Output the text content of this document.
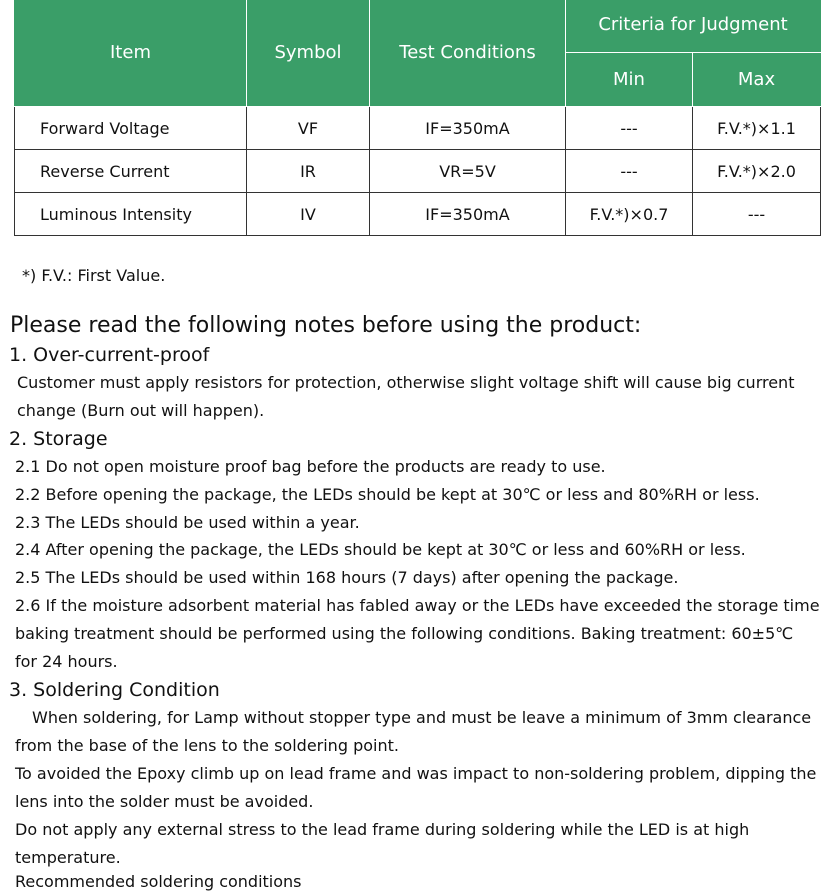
Item	Symbol	Test Conditions	Criteria for Judgment	
			Min	Max
Forward Voltage	VF	IF=350mA	---	F.V.*)×1.1
Reverse Current	IR	VR=5V	---	F.V.*)×2.0
Luminous Intensity	IV	IF=350mA	F.V.*)×0.7	---
*) F.V.: First Value.
Please read the following notes before using the product:
1. Over-current-proof
Customer must apply resistors for protection, otherwise slight voltage shift will cause big current
change (Burn out will happen).
2. Storage
2.1 Do not open moisture proof bag before the products are ready to use.
2.2 Before opening the package, the LEDs should be kept at 30℃ or less and 80%RH or less.
2.3 The LEDs should be used within a year.
2.4 After opening the package, the LEDs should be kept at 30℃ or less and 60%RH or less.
2.5 The LEDs should be used within 168 hours (7 days) after opening the package.
2.6 If the moisture adsorbent material has fabled away or the LEDs have exceeded the storage time
baking treatment should be performed using the following conditions. Baking treatment: 60±5℃
for 24 hours.
3. Soldering Condition
When soldering, for Lamp without stopper type and must be leave a minimum of 3mm clearance
from the base of the lens to the soldering point.
To avoided the Epoxy climb up on lead frame and was impact to non-soldering problem, dipping the
lens into the solder must be avoided.
Do not apply any external stress to the lead frame during soldering while the LED is at high
temperature.
Recommended soldering conditions
